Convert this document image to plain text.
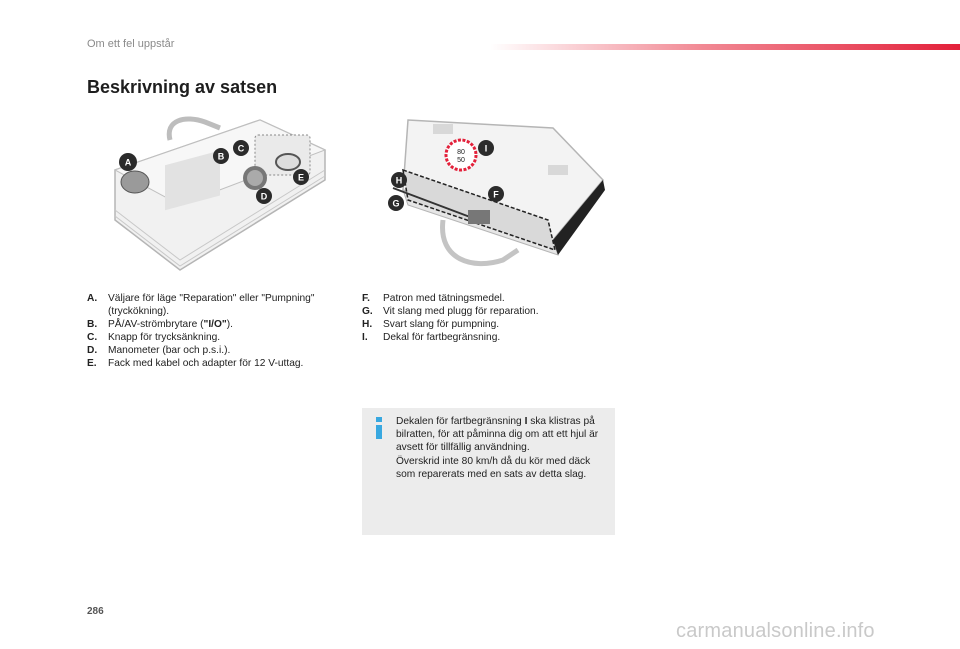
Om ett fel uppstår
Beskrivning av satsen
A
B
C
D
E
80
50
F
G
H
I
A.	Väljare för läge "Reparation" eller "Pumpning" (tryckökning).
B.	PÅ/AV-strömbrytare ("I/O").
C.	Knapp för trycksänkning.
D.	Manometer (bar och p.s.i.).
E.	Fack med kabel och adapter för 12 V-uttag.
F.	Patron med tätningsmedel.
G.	Vit slang med plugg för reparation.
H.	Svart slang för pumpning.
I.	Dekal för fartbegränsning.

Dekalen för fartbegränsning I ska klistras på bilratten, för att påminna dig om att ett hjul är avsett för tillfällig användning.

Överskrid inte 80 km/h då du kör med däck som reparerats med en sats av detta slag.

286
carmanualsonline.info
